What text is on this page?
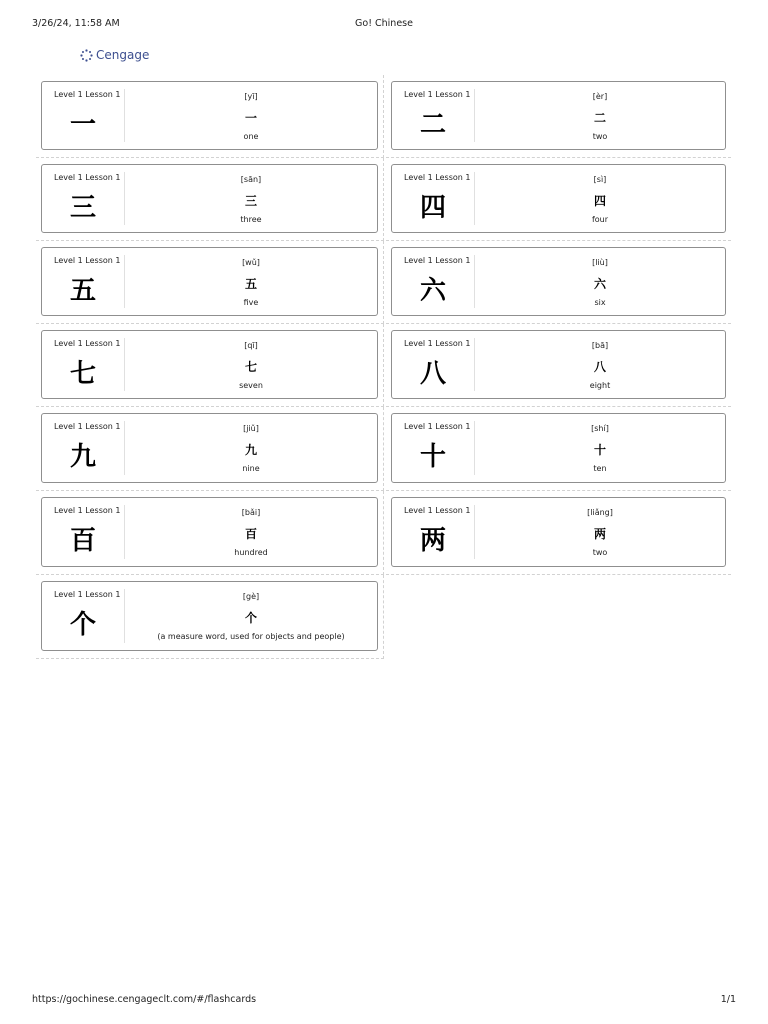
3/26/24, 11:58 AM	Go! Chinese
Cengage
Level 1 Lesson 1
一
[yī]
一
one
Level 1 Lesson 1
二
[èr]
二
two
Level 1 Lesson 1
三
[sān]
三
three
Level 1 Lesson 1
四
[sì]
四
four
Level 1 Lesson 1
五
[wǔ]
五
five
Level 1 Lesson 1
六
[liù]
六
six
Level 1 Lesson 1
七
[qī]
七
seven
Level 1 Lesson 1
八
[bā]
八
eight
Level 1 Lesson 1
九
[jiǔ]
九
nine
Level 1 Lesson 1
十
[shí]
十
ten
Level 1 Lesson 1
百
[bǎi]
百
hundred
Level 1 Lesson 1
两
[liǎng]
两
two
Level 1 Lesson 1
个
[gè]
个
(a measure word, used for objects and people)
https://gochinese.cengageclt.com/#/flashcards	1/1
